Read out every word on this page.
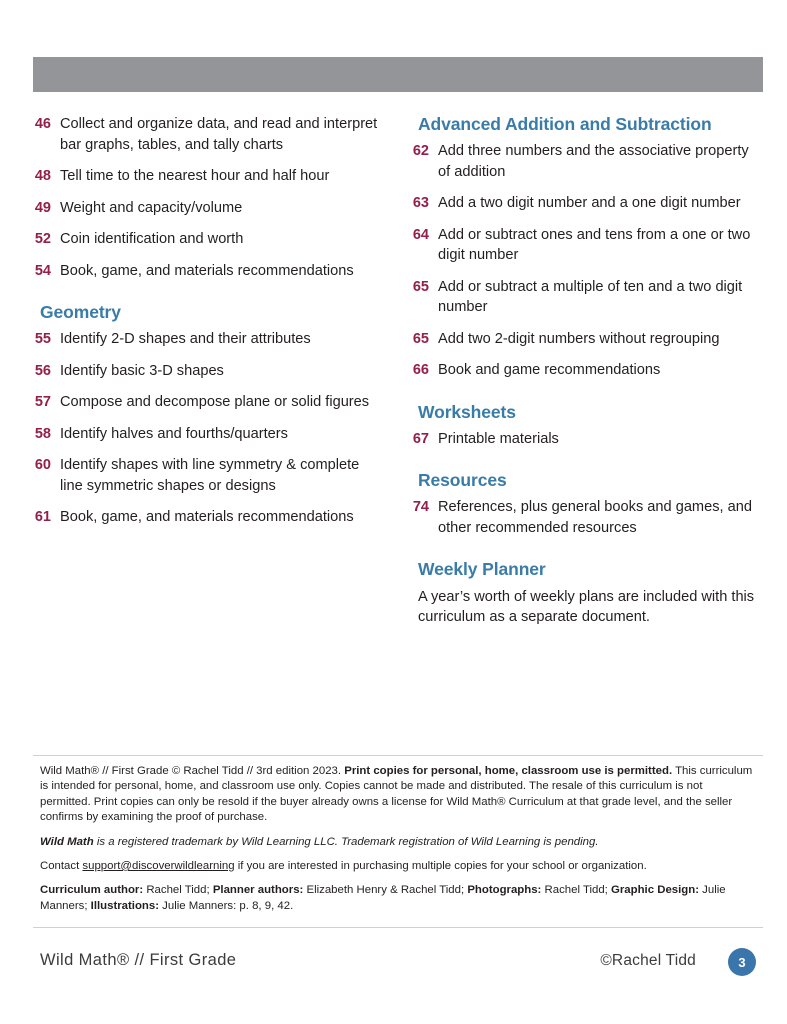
46 Collect and organize data, and read and interpret bar graphs, tables, and tally charts
48 Tell time to the nearest hour and half hour
49 Weight and capacity/volume
52 Coin identification and worth
54 Book, game, and materials recommendations
Geometry
55 Identify 2-D shapes and their attributes
56 Identify basic 3-D shapes
57 Compose and decompose plane or solid figures
58 Identify halves and fourths/quarters
60 Identify shapes with line symmetry & complete line symmetric shapes or designs
61 Book, game, and materials recommendations
Advanced Addition and Subtraction
62 Add three numbers and the associative property of addition
63 Add a two digit number and a one digit number
64 Add or subtract ones and tens from a one or two digit number
65 Add or subtract a multiple of ten and a two digit number
65 Add two 2-digit numbers without regrouping
66 Book and game recommendations
Worksheets
67 Printable materials
Resources
74 References, plus general books and games, and other recommended resources
Weekly Planner
A year’s worth of weekly plans are included with this curriculum as a separate document.

Wild Math® // First Grade © Rachel Tidd // 3rd edition 2023. Print copies for personal, home, classroom use is permitted. This curriculum is intended for personal, home, and classroom use only. Copies cannot be made and distributed. The resale of this curriculum is not permitted. Print copies can only be resold if the buyer already owns a license for Wild Math® Curriculum at that grade level, and the seller confirms by examining the proof of purchase.

Wild Math is a registered trademark by Wild Learning LLC. Trademark registration of Wild Learning is pending.

Contact support@discoverwildlearning if you are interested in purchasing multiple copies for your school or organization.

Curriculum author: Rachel Tidd; Planner authors: Elizabeth Henry & Rachel Tidd; Photographs: Rachel Tidd; Graphic Design: Julie Manners; Illustrations: Julie Manners: p. 8, 9, 42.

Wild Math® // First Grade	©Rachel Tidd	3
